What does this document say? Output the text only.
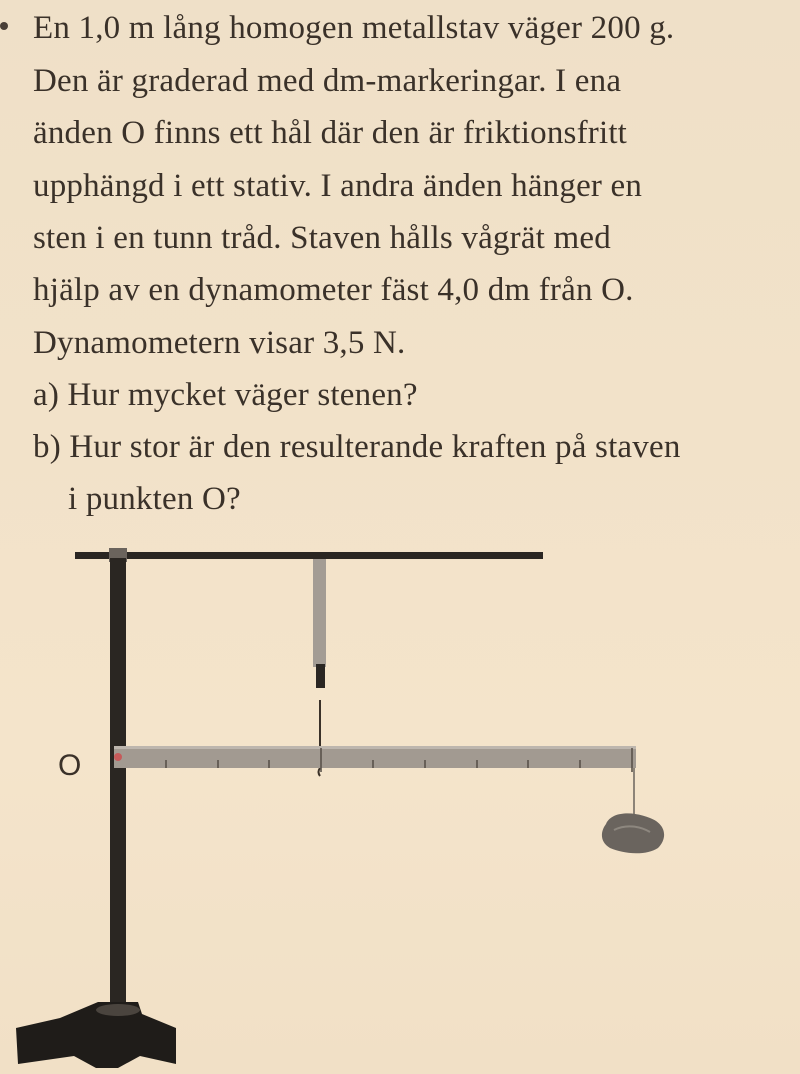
En 1,0 m lång homogen metallstav väger 200 g.
Den är graderad med dm-markeringar. I ena
änden O finns ett hål där den är friktionsfritt
upphängd i ett stativ. I andra änden hänger en
sten i en tunn tråd. Staven hålls vågrät med
hjälp av en dynamometer fäst 4,0 dm från O.
Dynamometern visar 3,5 N.
a) Hur mycket väger stenen?
b) Hur stor är den resulterande kraften på staven
i punkten O?
O
